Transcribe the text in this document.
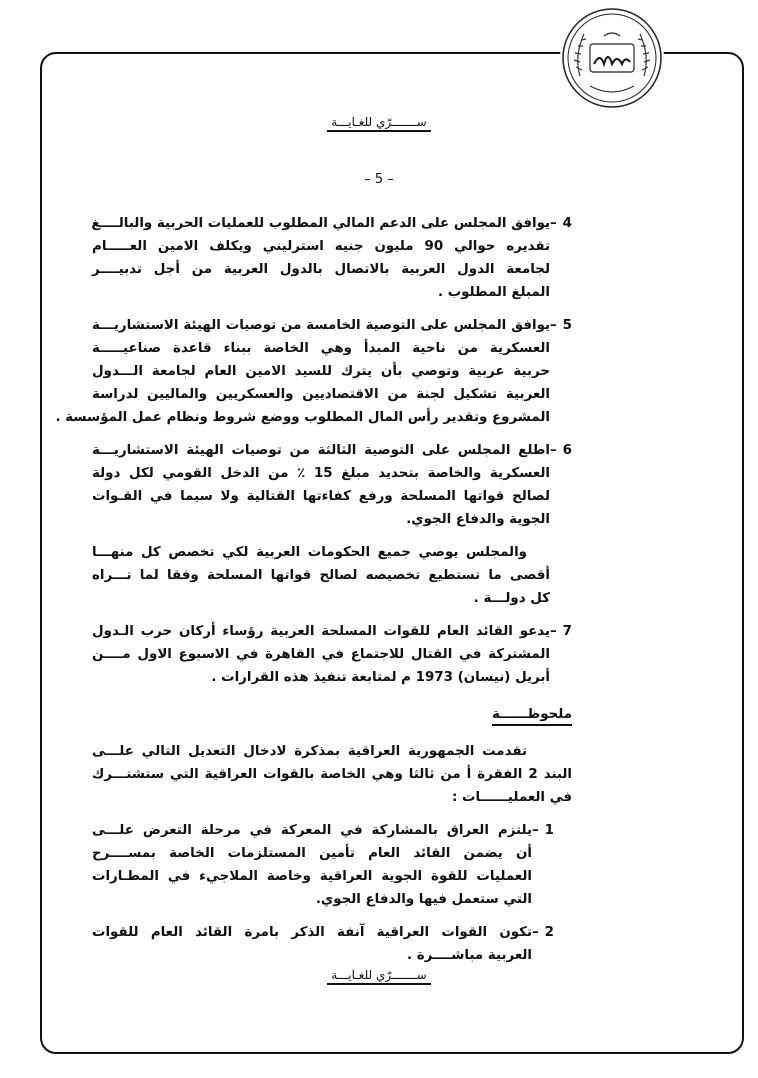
ســـــــرّي للغـايـــة
– 5 –
4 –يوافق المجلس على الدعم المالي المطلوب للعمليات الحربية والبالــــغ
تقديره حوالي 90 مليون جنيه استرليني ويكلف الامين العـــــام
لجامعة الدول العربية بالاتصال بالدول العربية من أجل تدبيــــر
المبلغ المطلوب .
5 –يوافق المجلس على التوصية الخامسة من توصيات الهيئة الاستشاريـــة
العسكرية من ناحية المبدأ وهي الخاصة ببناء قاعدة صناعيـــــة
حربية عربية وتوصي بأن يترك للسيد الامين العام لجامعة الـــدول
العربية تشكيل لجنة من الاقتصاديين والعسكريين والماليين لدراسة
المشروع وتقدير رأس المال المطلوب ووضع شروط ونظام عمل المؤسسة .
6 –اطلع المجلس على التوصية الثالثة من توصيات الهيئة الاستشاريـــة
العسكرية والخاصة بتحديد مبلغ 15 ٪ من الدخل القومي لكل دولة
لصالح قواتها المسلحة ورفع كفاءتها القتالية ولا سيما في القـوات
الجوية والدفاع الجوي.
والمجلس يوصي جميع الحكومات العربية لكي تخصص كل منهـــا
أقصى ما تستطيع تخصيصه لصالح قواتها المسلحة وفقا لما تـــراه
كل دولـــة .
7 –يدعو القائد العام للقوات المسلحة العربية رؤساء أركان حرب الـدول
المشتركة في القتال للاجتماع في القاهرة في الاسبوع الاول مــــن
أبريل (نيسان) 1973 م لمتابعة تنفيذ هذه القرارات .
ملحوظــــــة
تقدمت الجمهورية العراقية بمذكرة لادخال التعديل التالي علـــى
البند 2 الفقرة أ من ثالثا وهي الخاصة بالقوات العراقية التي ستشتـــرك
في العمليــــــات :
1 –يلتزم العراق بالمشاركة في المعركة في مرحلة التعرض علـــى
أن يضمن القائد العام تأمين المستلزمات الخاصة بمســــرح
العمليات للقوة الجوية العراقية وخاصة الملاجيء في المطـارات
التي ستعمل فيها والدفاع الجوي.
2 –تكون القوات العراقية آنفة الذكر بامرة القائد العام للقوات
العربية مباشــــرة .
ســـــــرّي للغـايـــة
